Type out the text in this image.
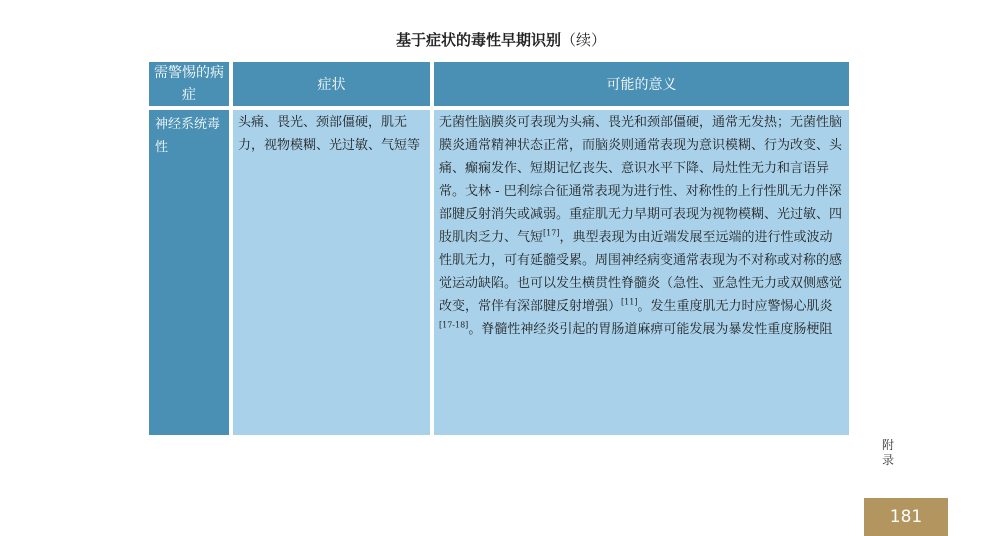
基于症状的毒性早期识别（续）
需警惕的病症	症状	可能的意义
神经系统毒性	头痛、畏光、颈部僵硬，肌无力，视物模糊、光过敏、气短等	无菌性脑膜炎可表现为头痛、畏光和颈部僵硬，通常无发热；无菌性脑膜炎通常精神状态正常，而脑炎则通常表现为意识模糊、行为改变、头痛、癫痫发作、短期记忆丧失、意识水平下降、局灶性无力和言语异常。戈林 - 巴利综合征通常表现为进行性、对称性的上行性肌无力伴深部腱反射消失或减弱。重症肌无力早期可表现为视物模糊、光过敏、四肢肌肉乏力、气短[17]，典型表现为由近端发展至远端的进行性或波动性肌无力，可有延髓受累。周围神经病变通常表现为不对称或对称的感觉运动缺陷。也可以发生横贯性脊髓炎（急性、亚急性无力或双侧感觉改变，常伴有深部腱反射增强）[11]。发生重度肌无力时应警惕心肌炎[17-18]。脊髓性神经炎引起的胃肠道麻痹可能发展为暴发性重度肠梗阻
附录
181
